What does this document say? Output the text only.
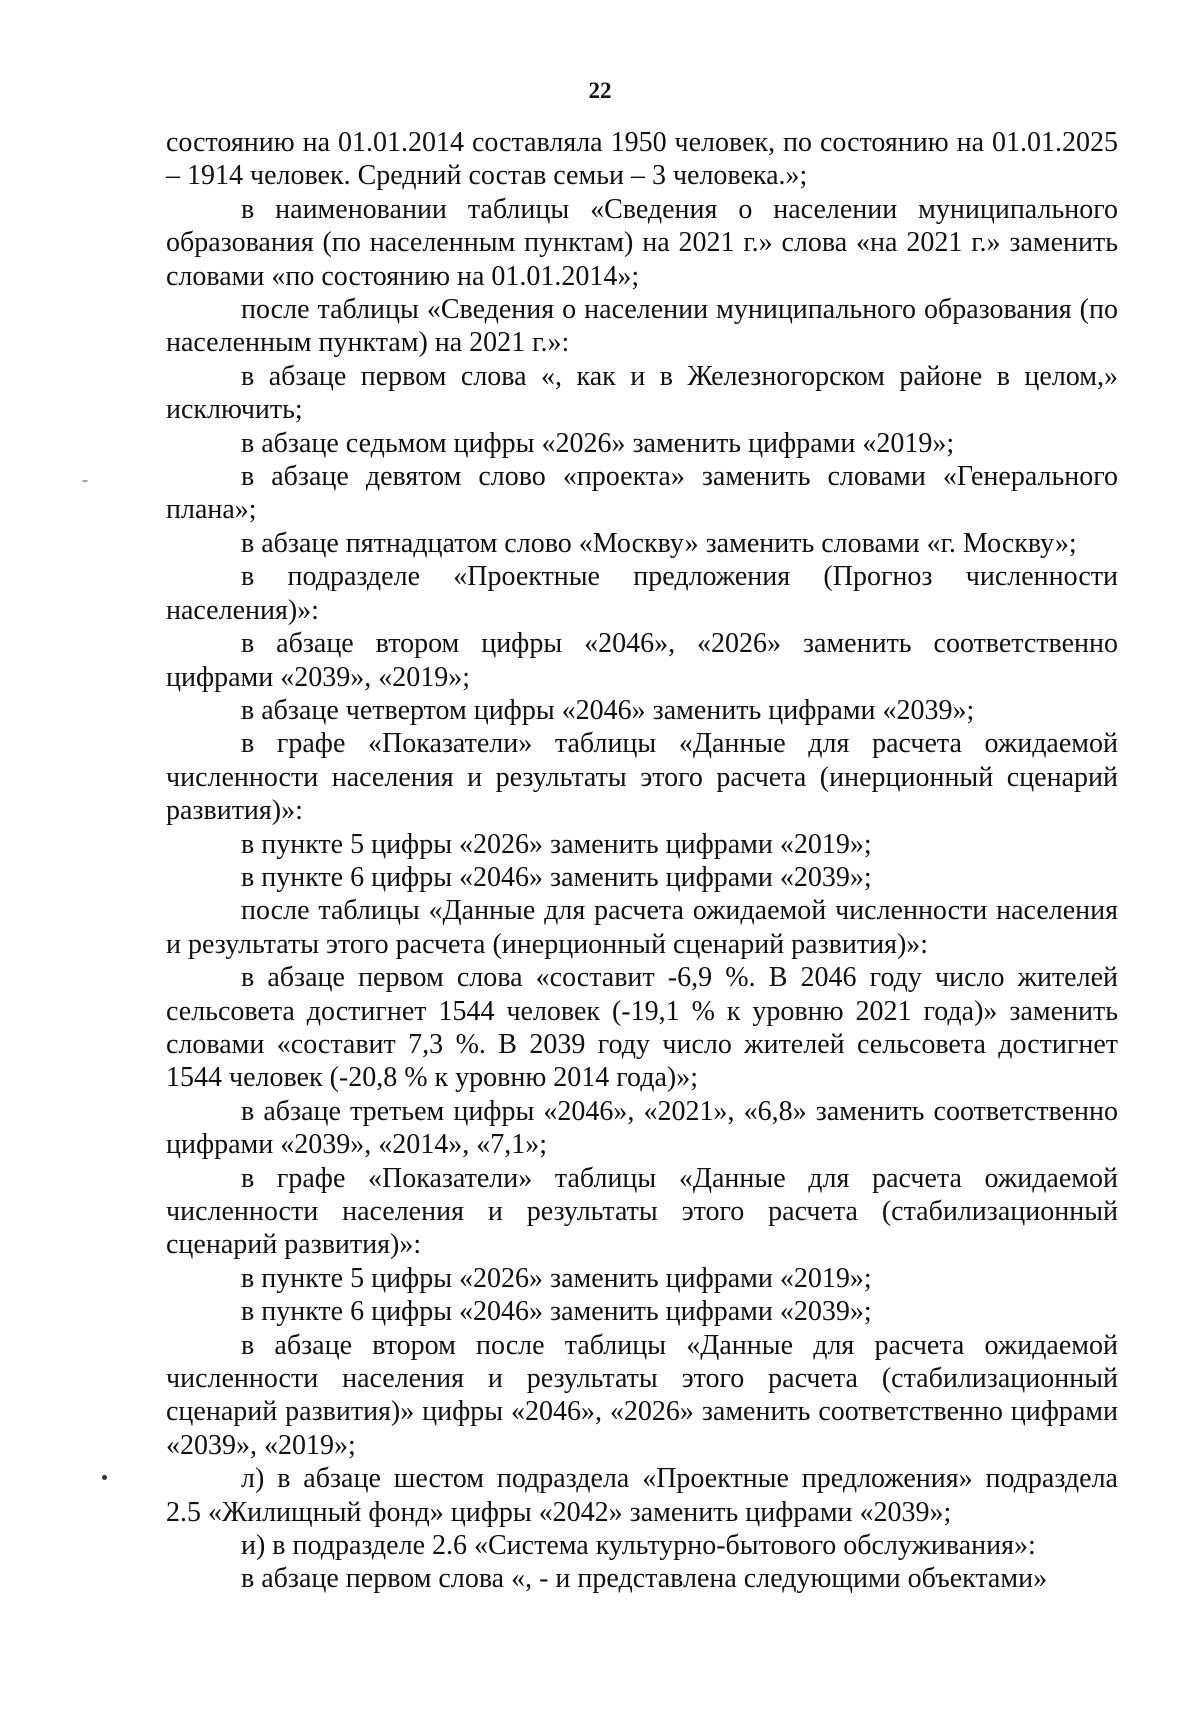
22

состоянию на 01.01.2014 составляла 1950 человек, по состоянию на 01.01.2025 – 1914 человек. Средний состав семьи – 3 человека.»;

в наименовании таблицы «Сведения о населении муниципального образования (по населенным пунктам) на 2021 г.» слова «на 2021 г.» заменить словами «по состоянию на 01.01.2014»;

после таблицы «Сведения о населении муниципального образования (по населенным пунктам) на 2021 г.»:

в абзаце первом слова «, как и в Железногорском районе в целом,» исключить;

в абзаце седьмом цифры «2026» заменить цифрами «2019»;

в абзаце девятом слово «проекта» заменить словами «Генерального плана»;

в абзаце пятнадцатом слово «Москву» заменить словами «г. Москву»;

в подразделе «Проектные предложения (Прогноз численности населения)»:

в абзаце втором цифры «2046», «2026» заменить соответственно цифрами «2039», «2019»;

в абзаце четвертом цифры «2046» заменить цифрами «2039»;

в графе «Показатели» таблицы «Данные для расчета ожидаемой численности населения и результаты этого расчета (инерционный сценарий развития)»:

в пункте 5 цифры «2026» заменить цифрами «2019»;

в пункте 6 цифры «2046» заменить цифрами «2039»;

после таблицы «Данные для расчета ожидаемой численности населения и результаты этого расчета (инерционный сценарий развития)»:

в абзаце первом слова «составит -6,9 %. В 2046 году число жителей сельсовета достигнет 1544 человек (-19,1 % к уровню 2021 года)» заменить словами «составит 7,3 %. В 2039 году число жителей сельсовета достигнет 1544 человек (-20,8 % к уровню 2014 года)»;

в абзаце третьем цифры «2046», «2021», «6,8» заменить соответственно цифрами «2039», «2014», «7,1»;

в графе «Показатели» таблицы «Данные для расчета ожидаемой численности населения и результаты этого расчета (стабилизационный сценарий развития)»:

в пункте 5 цифры «2026» заменить цифрами «2019»;

в пункте 6 цифры «2046» заменить цифрами «2039»;

в абзаце втором после таблицы «Данные для расчета ожидаемой численности населения и результаты этого расчета (стабилизационный сценарий развития)» цифры «2046», «2026» заменить соответственно цифрами «2039», «2019»;

л) в абзаце шестом подраздела «Проектные предложения» подраздела 2.5 «Жилищный фонд» цифры «2042» заменить цифрами «2039»;

и) в подразделе 2.6 «Система культурно-бытового обслуживания»:

в абзаце первом слова «, - и представлена следующими объектами»
